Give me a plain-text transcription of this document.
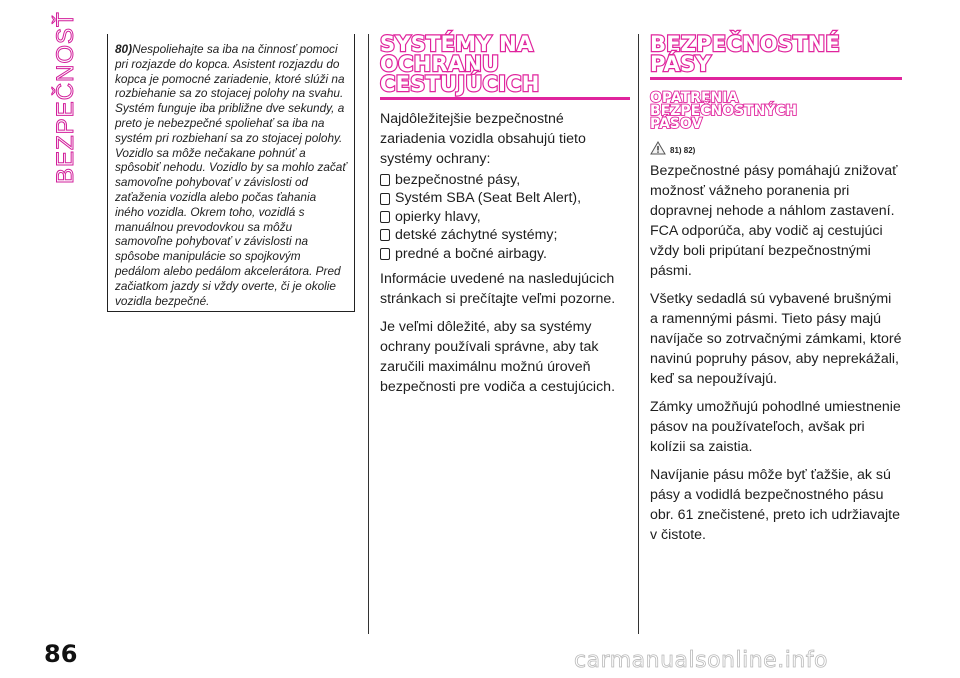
BEZPEČNOSŤ	80)Nespoliehajte sa iba na činnosť pomoci pri rozjazde do kopca. Asistent rozjazdu do kopca je pomocné zariadenie, ktoré slúži na rozbiehanie sa zo stojacej polohy na svahu. Systém funguje iba približne dve sekundy, a preto je nebezpečné spoliehať sa iba na systém pri rozbiehaní sa zo stojacej polohy. Vozidlo sa môže nečakane pohnúť a spôsobiť nehodu. Vozidlo by sa mohlo začať samovoľne pohybovať v závislosti od zaťaženia vozidla alebo počas ťahania iného vozidla. Okrem toho, vozidlá s manuálnou prevodovkou sa môžu samovoľne pohybovať v závislosti na spôsobe manipulácie so spojkovým pedálom alebo pedálom akcelerátora. Pred začiatkom jazdy si vždy overte, či je okolie vozidla bezpečné.
SYSTÉMY NA
OCHRANU
CESTUJÚCICH

Najdôležitejšie bezpečnostné zariadenia vozidla obsahujú tieto systémy ochrany:

bezpečnostné pásy,
Systém SBA (Seat Belt Alert),
opierky hlavy,
detské záchytné systémy;
predné a bočné airbagy.

Informácie uvedené na nasledujúcich stránkach si prečítajte veľmi pozorne.

Je veľmi dôležité, aby sa systémy ochrany používali správne, aby tak zaručili maximálnu možnú úroveň bezpečnosti pre vodiča a cestujúcich.

BEZPEČNOSTNÉ
PÁSY
OPATRENIA
BEZPEČNOSTNÝCH
PÁSOV
81) 82)

Bezpečnostné pásy pomáhajú znižovať možnosť vážneho poranenia pri dopravnej nehode a náhlom zastavení. FCA odporúča, aby vodič aj cestujúci vždy boli pripútaní bezpečnostnými pásmi.

Všetky sedadlá sú vybavené brušnými a ramennými pásmi. Tieto pásy majú navíjače so zotrvačnými zámkami, ktoré navinú popruhy pásov, aby neprekážali, keď sa nepoužívajú.

Zámky umožňujú pohodlné umiestnenie pásov na používateľoch, avšak pri kolízii sa zaistia.

Navíjanie pásu môže byť ťažšie, ak sú pásy a vodidlá bezpečnostného pásu obr. 61 znečistené, preto ich udržiavajte v čistote.

86	carmanualsonline.info
